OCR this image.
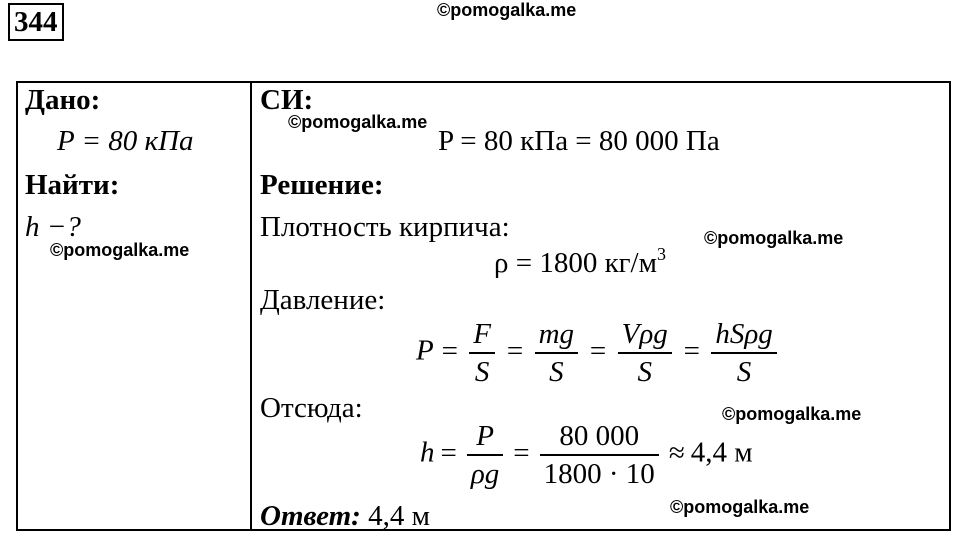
344	©pomogalka.me
©pomogalka.me
©pomogalka.me
©pomogalka.me
©pomogalka.me
©pomogalka.me
Дано:
P = 80 кПа
Найти:
h −?
СИ:
P = 80 кПа = 80 000 Па
Решение:
Плотность кирпича:
ρ = 1800 $кг/м^3$
Давление:
$P = \frac{F}{S} = \frac{mg}{S} = \frac{\text{Vρg}}{S} = \frac{\text{hSρg}}{S}$
Отсюда:
$h = \frac{P}{\rho g} = \frac{80 000}{1800 \cdot 10} \approx 4,4$ м
Ответ: 4,4 м
